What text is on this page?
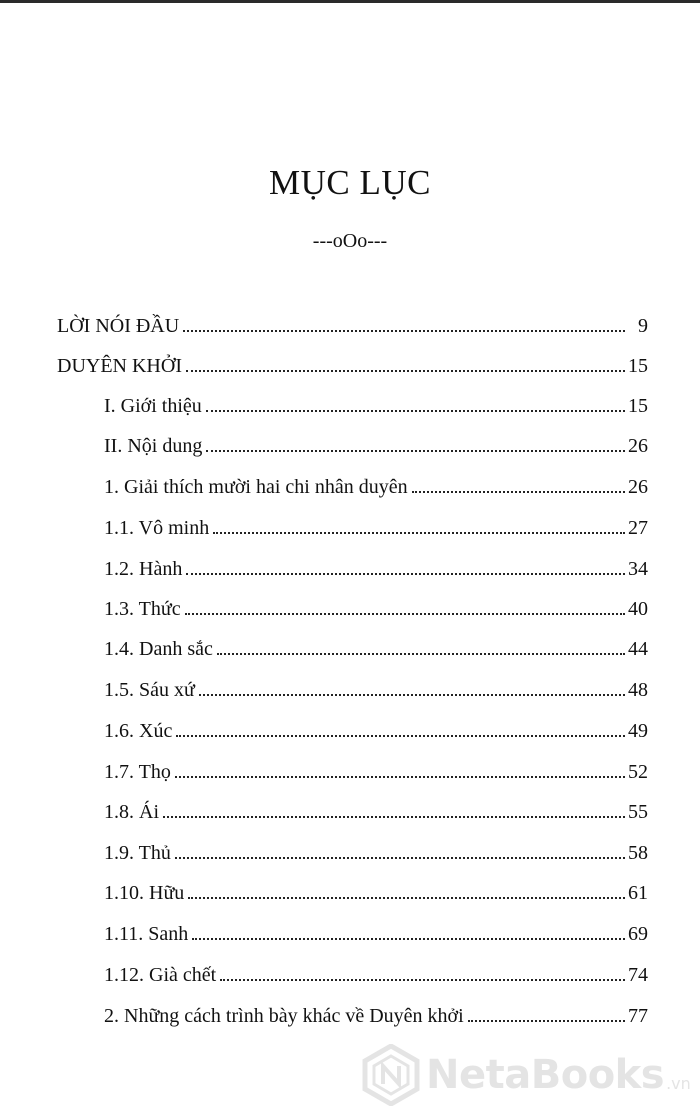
MỤC LỤC
---oOo---
LỜI NÓI ĐẦU	9
DUYÊN KHỞI	15
I. Giới thiệu	15
II. Nội dung	26
1. Giải thích mười hai chi nhân duyên	26
1.1. Vô minh	27
1.2. Hành	34
1.3. Thức	40
1.4. Danh sắc	44
1.5. Sáu xứ	48
1.6. Xúc	49
1.7. Thọ	52
1.8. Ái	55
1.9. Thủ	58
1.10. Hữu	61
1.11. Sanh	69
1.12. Già chết	74
2. Những cách trình bày khác về Duyên khởi	77
NetaBooks .vn
